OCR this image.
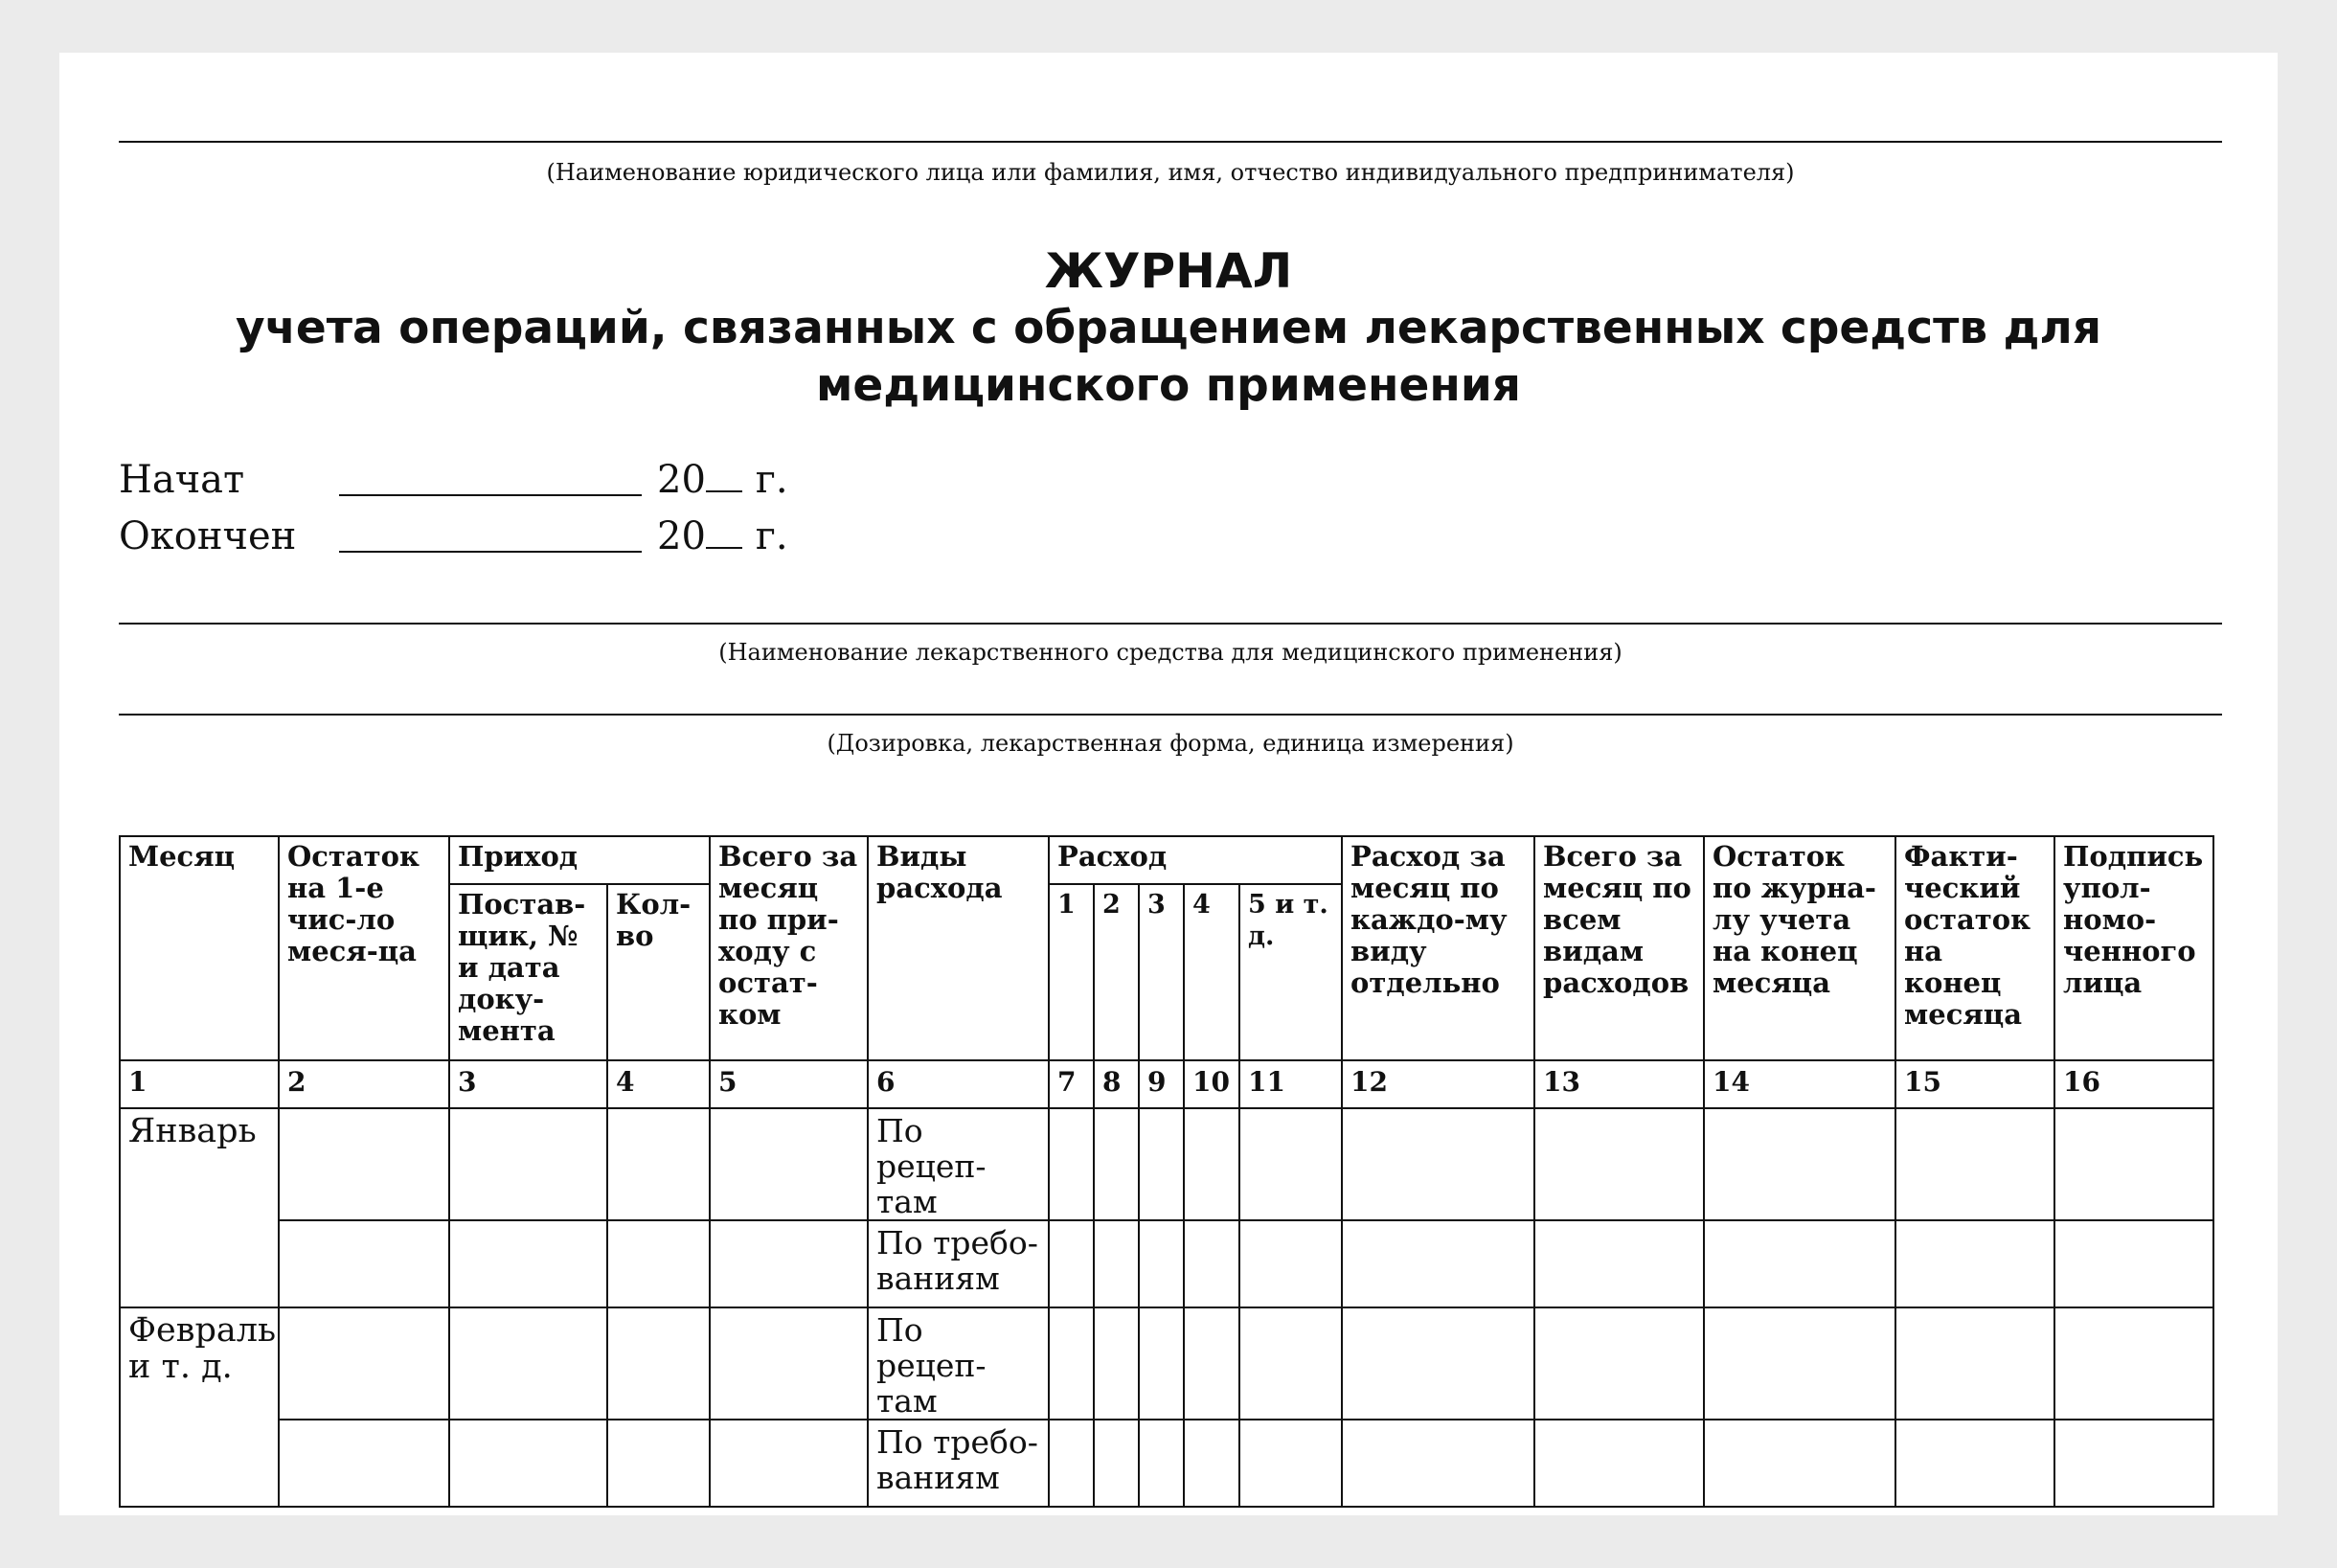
(Наименование юридического лица или фамилия, имя, отчество индивидуального предпринимателя)
ЖУРНАЛ
учета операций, связанных с обращением лекарственных средств для
медицинского применения
Начат	20 г.
Окончен	20 г.
(Наименование лекарственного средства для медицинского применения)
(Дозировка, лекарственная форма, единица измерения)
Месяц	Остаток на 1-е чис-ло меся-ца	Приход		Всего за месяц по при-ходу с остат-ком	Виды расхода	Расход					Расход за месяц по каждо-му виду отдельно	Всего за месяц по всем видам расходов	Остаток по журна-лу учета на конец месяца	Факти-ческий остаток на конец месяца	Подпись упол-номо-ченного лица
		Постав-щик, № и дата доку-мента	Кол-во			1	2	3	4	5 и т. д.					
1	2	3	4	5	6	7	8	9	10	11	12	13	14	15	16
Январь					По рецеп-там										
					По требо-ваниям										
Февраль и т. д.					По рецеп-там										
					По требо-ваниям										
